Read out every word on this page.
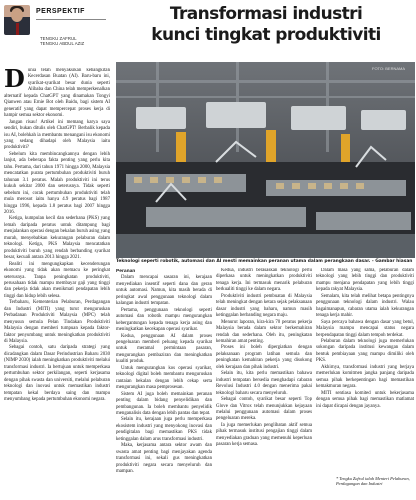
PERSPEKTIF
TENGKU ZAFRUL
TENGKU ABDUL AZIZ
Transformasi industri
kunci tingkat produktiviti
FOTO: BERNAMA
Teknologi seperti robotik, automasi dan AI mesti memainkan peranan utama dalam perangkaan dasar. - Gambar hiasan
D unia telah menyaksikan kebangkitan Kecerdasan Buatan (AI). Baru-baru ini, syarikat-syarikat besar dunia seperti Alibaba dan China telah memperkenalkan alternatif kepada ChatGPT yang dinamakan Tongyi Qianwen atau Ernie Bot oleh Baidu, bagi sistem AI generatif yang dapat mempercepat proses kerja di hampir semua sektor ekonomi.

Jangan risau! Artikel ini memang karya saya sendiri, bukan ditulis oleh ChatGPT! Berbalik kepada isu AI, bolehkah ia membantu menangani isu ekonomi yang sedang dihadapi oleh Malaysia iaitu produktiviti?

Sebelum kita membincangkannya dengan lebih lanjut, ada beberapa fakta penting yang perlu kita tahu. Pertama, dari tahun 1971 hingga 2000, Malaysia mencatatkan purata pertumbuhan produktiviti buruh tahunan 3.1 peratus. Malah produktiviti ini terus kukuh sekitar 2000 dan seterusnya. Tidak seperti sebelum ini, corak pertumbuhan produktiviti telah mula merosot iaitu hanya 4.9 peratus bagi 1987 hingga 1996, kepada 1.8 peratus bagi 2007 hingga 2016.

Ketiga, kumpulan kecil dan sederhana (PKS) yang lemah daripada peratus untuk ditampung bagi menjalankan operasi dengan bekalan buruh asing yang murah, menyebabkan kekurangan pelaburan dalam teknologi. Ketiga, PKS Malaysia mencatatkan produktiviti buruh yang rendah berbanding syarikat besar, kecuali antara 2013 hingga 2021.

Realiti ini mengungkapkan kecenderungan ekonomi yang tidak akan memacu ke peringkat seterusnya. Tanpa peningkatan produktiviti, perusahaan tidak mampu membayar gaji yang tinggi dan pekerja tidak akan menikmati pendapatan lebih tinggi dan hidup lebih selesa.

Terbaharu, Kementerian Pelaburan, Perdagangan dan Industri (MITI) yang turut menguruskan Perbadanan Produktiviti Malaysia (MPC) telah menyusun semula Pelan Tindakan Produktiviti Malaysia dengan memberi tumpuan kepada faktor-faktor penyumbang untuk meningkatkan produktiviti di Malaysia.

Sebagai contoh, satu daripada strategi yang dicadangkan dalam Dasar Perindustrian Baharu 2030 (NIMP 2030) ialah meningkatkan produktiviti melalui transformasi industri. Ia bertujuan untuk memperkasa pertumbuhan sektor perkilangan, seperti kerjasama dengan pihak swasta dan universiti, melalui pelaburan teknologi dan inovasi untuk memastikan industri tempatan kekal berdaya saing dan mampu menyumbang kepada pertumbuhan ekonomi negara.

Peranan

Dalam mencapai sasaran ini, kerajaan menyediakan insentif seperti dana dan geran untuk automasi. Namun, kita masih berada di peringkat awal penggunaan teknologi dalam kalangan industri tempatan.

Pertama, penggunaan teknologi seperti automasi dan robotik mampu mengurangkan kebergantungan kepada tenaga kerja asing dan meningkatkan kecekapan operasi syarikat.

Kedua, penggunaan AI dalam proses pengeluaran memberi peluang kepada syarikat untuk meramal permintaan pasaran, mengurangkan pembaziran dan meningkatkan kualiti produk.

Untuk mengurangkan kos operasi syarikat, teknologi digital boleh membantu menguruskan rantaian bekalan dengan lebih cekap serta mengurangkan masa pemprosesan.

Sistem AI juga boleh memainkan peranan penting dalam bidang penyelidikan dan pembangunan. Ia boleh membantu penyelidik menganalisis data dengan lebih pantas dan tepat.

Selain itu, kerajaan juga perlu memperkasa ekosistem industri yang menyokong inovasi dan pendigitalan bagi memastikan PKS tidak ketinggalan dalam arus transformasi industri.

Maka, kerjasama antara sektor awam dan swasta amat penting bagi menjayakan agenda transformasi ini, sekali gus meningkatkan produktiviti negara secara menyeluruh dan mampan.

Kedua, industri berasaskan teknologi perlu diperkasa untuk meningkatkan produktiviti tenaga kerja. Ini termasuk menarik pelaburan berkualiti tinggi ke dalam negara.

Produktiviti industri pembuatan di Malaysia telah meningkat dengan ketara sejak pelaksanaan dasar industri yang baharu, namun masih ketinggalan berbanding negara maju.

Menurut laporan, kira-kira 70 peratus pekerja Malaysia berada dalam sektor berkemahiran rendah dan sederhana. Oleh itu, peningkatan kemahiran amat penting.

Proses ini boleh dipergiatkan dengan pelaksanaan program latihan semula dan peningkatan kemahiran pekerja yang disokong oleh kerajaan dan pihak industri.

Selain itu, kita perlu memastikan bahawa industri tempatan bersedia menghadapi cabaran Revolusi Industri 4.0 dengan menerima pakai teknologi baharu secara menyeluruh.

Sebagai contoh, syarikat besar seperti Top Glove dan Vitrox telah menunjukkan kejayaan melalui penggunaan automasi dalam proses pengeluaran mereka.

Ia juga memerlukan penglibatan aktif semua pihak termasuk institusi pengajian tinggi dalam menyediakan graduan yang memenuhi keperluan pasaran kerja semasa.

Dalam masa yang sama, pelaburan dalam teknologi yang lebih tinggi dan produktiviti mampu menjana pendapatan yang lebih tinggi kepada rakyat Malaysia.

Semalam, kita telah melihat betapa pentingnya penggunaan teknologi dalam industri. Walau bagaimanapun, cabaran utama ialah kekurangan tenaga kerja mahir.

Saya percaya bahawa dengan dasar yang betul, Malaysia mampu mencapai status negara berpendapatan tinggi dalam tempoh terdekat.

Pelaburan dalam teknologi juga memerlukan sokongan daripada institusi kewangan dalam bentuk pembiayaan yang mampu dimiliki oleh PKS.

Akhirnya, transformasi industri yang berjaya memerlukan komitmen jangka panjang daripada semua pihak berkepentingan bagi memastikan kemakmuran negara.

MITI sentiasa komited untuk bekerjasama dengan semua pihak bagi memastikan matlamat ini dapat dicapai dengan jayanya.

* Tengku Zafrul ialah Menteri Pelaburan, Perdagangan dan Industri
